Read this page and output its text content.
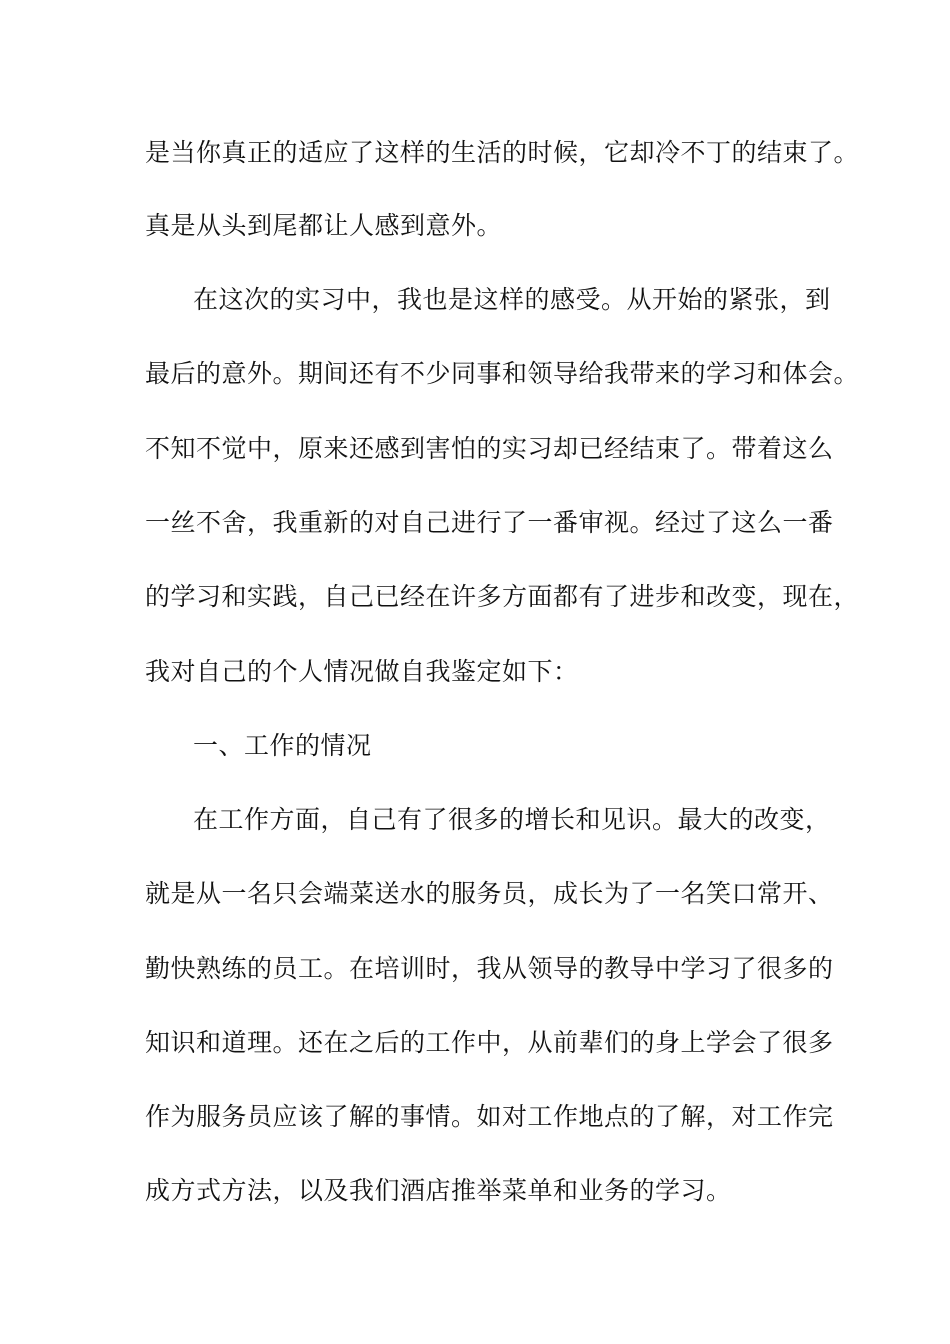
是当你真正的适应了这样的生活的时候，它却冷不丁的结束了。
真是从头到尾都让人感到意外。
在这次的实习中，我也是这样的感受。从开始的紧张，到
最后的意外。期间还有不少同事和领导给我带来的学习和体会。
不知不觉中，原来还感到害怕的实习却已经结束了。带着这么
一丝不舍，我重新的对自己进行了一番审视。经过了这么一番
的学习和实践，自己已经在许多方面都有了进步和改变，现在，
我对自己的个人情况做自我鉴定如下：
一、工作的情况
在工作方面，自己有了很多的增长和见识。最大的改变，
就是从一名只会端菜送水的服务员，成长为了一名笑口常开、
勤快熟练的员工。在培训时，我从领导的教导中学习了很多的
知识和道理。还在之后的工作中，从前辈们的身上学会了很多
作为服务员应该了解的事情。如对工作地点的了解，对工作完
成方式方法，以及我们酒店推举菜单和业务的学习。
